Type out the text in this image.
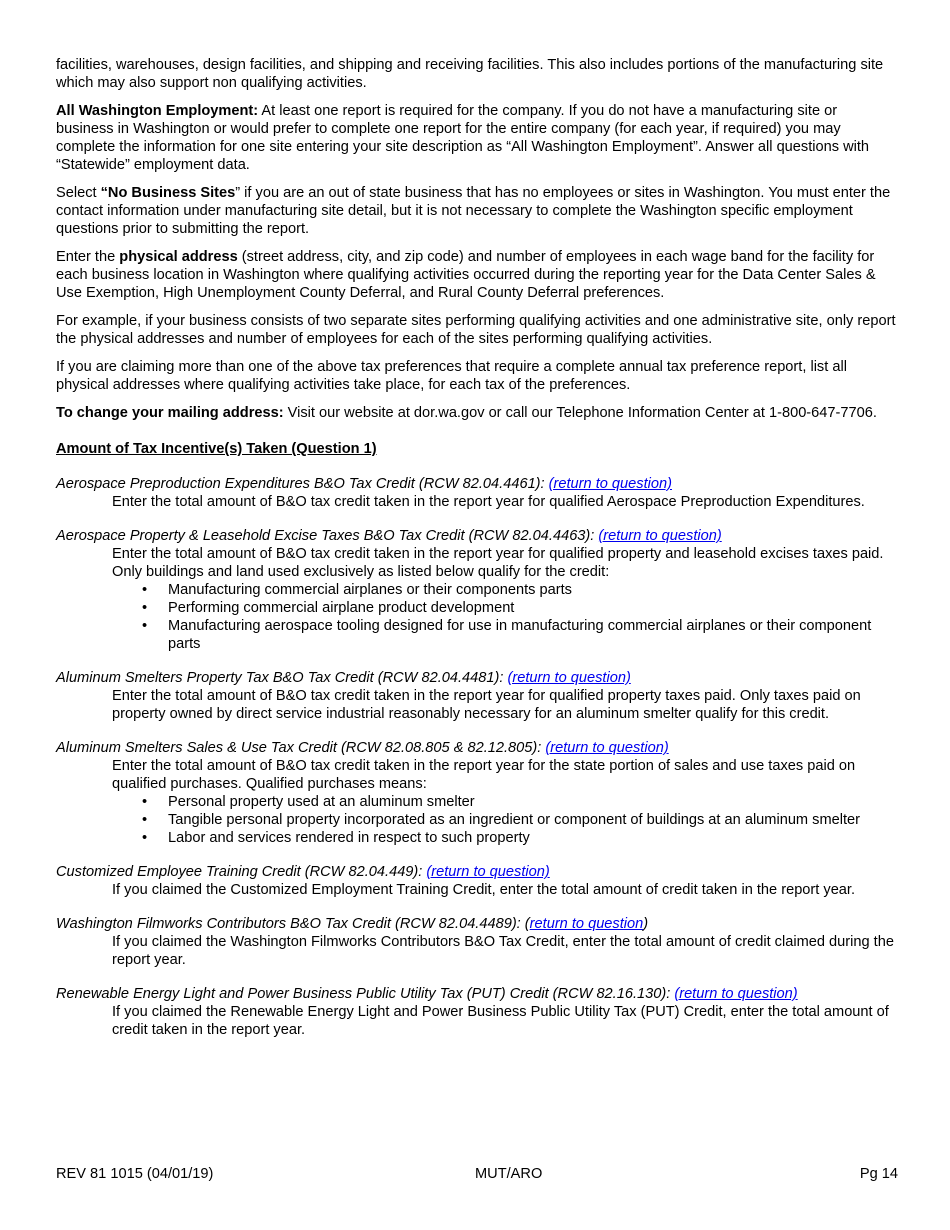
facilities, warehouses, design facilities, and shipping and receiving facilities. This also includes portions of the manufacturing site which may also support non qualifying activities.

All Washington Employment: At least one report is required for the company. If you do not have a manufacturing site or business in Washington or would prefer to complete one report for the entire company (for each year, if required) you may complete the information for one site entering your site description as “All Washington Employment”. Answer all questions with “Statewide” employment data.

Select “No Business Sites” if you are an out of state business that has no employees or sites in Washington. You must enter the contact information under manufacturing site detail, but it is not necessary to complete the Washington specific employment questions prior to submitting the report.

Enter the physical address (street address, city, and zip code) and number of employees in each wage band for the facility for each business location in Washington where qualifying activities occurred during the reporting year for the Data Center Sales & Use Exemption, High Unemployment County Deferral, and Rural County Deferral preferences.

For example, if your business consists of two separate sites performing qualifying activities and one administrative site, only report the physical addresses and number of employees for each of the sites performing qualifying activities.

If you are claiming more than one of the above tax preferences that require a complete annual tax preference report, list all physical addresses where qualifying activities take place, for each tax of the preferences.

To change your mailing address: Visit our website at dor.wa.gov or call our Telephone Information Center at 1-800-647-7706.

Amount of Tax Incentive(s) Taken (Question 1)
Aerospace Preproduction Expenditures B&O Tax Credit (RCW 82.04.4461): (return to question)
Enter the total amount of B&O tax credit taken in the report year for qualified Aerospace Preproduction Expenditures.
Aerospace Property & Leasehold Excise Taxes B&O Tax Credit (RCW 82.04.4463): (return to question)
Enter the total amount of B&O tax credit taken in the report year for qualified property and leasehold excises taxes paid. Only buildings and land used exclusively as listed below qualify for the credit:
• Manufacturing commercial airplanes or their components parts
• Performing commercial airplane product development
• Manufacturing aerospace tooling designed for use in manufacturing commercial airplanes or their component parts
Aluminum Smelters Property Tax B&O Tax Credit (RCW 82.04.4481): (return to question)
Enter the total amount of B&O tax credit taken in the report year for qualified property taxes paid. Only taxes paid on property owned by direct service industrial reasonably necessary for an aluminum smelter qualify for this credit.
Aluminum Smelters Sales & Use Tax Credit (RCW 82.08.805 & 82.12.805): (return to question)
Enter the total amount of B&O tax credit taken in the report year for the state portion of sales and use taxes paid on qualified purchases. Qualified purchases means:
• Personal property used at an aluminum smelter
• Tangible personal property incorporated as an ingredient or component of buildings at an aluminum smelter
• Labor and services rendered in respect to such property
Customized Employee Training Credit (RCW 82.04.449): (return to question)
If you claimed the Customized Employment Training Credit, enter the total amount of credit taken in the report year.
Washington Filmworks Contributors B&O Tax Credit (RCW 82.04.4489): (return to question)
If you claimed the Washington Filmworks Contributors B&O Tax Credit, enter the total amount of credit claimed during the report year.
Renewable Energy Light and Power Business Public Utility Tax (PUT) Credit (RCW 82.16.130): (return to question)
If you claimed the Renewable Energy Light and Power Business Public Utility Tax (PUT) Credit, enter the total amount of credit taken in the report year.
REV 81 1015 (04/01/19)	MUT/ARO	Pg 14
